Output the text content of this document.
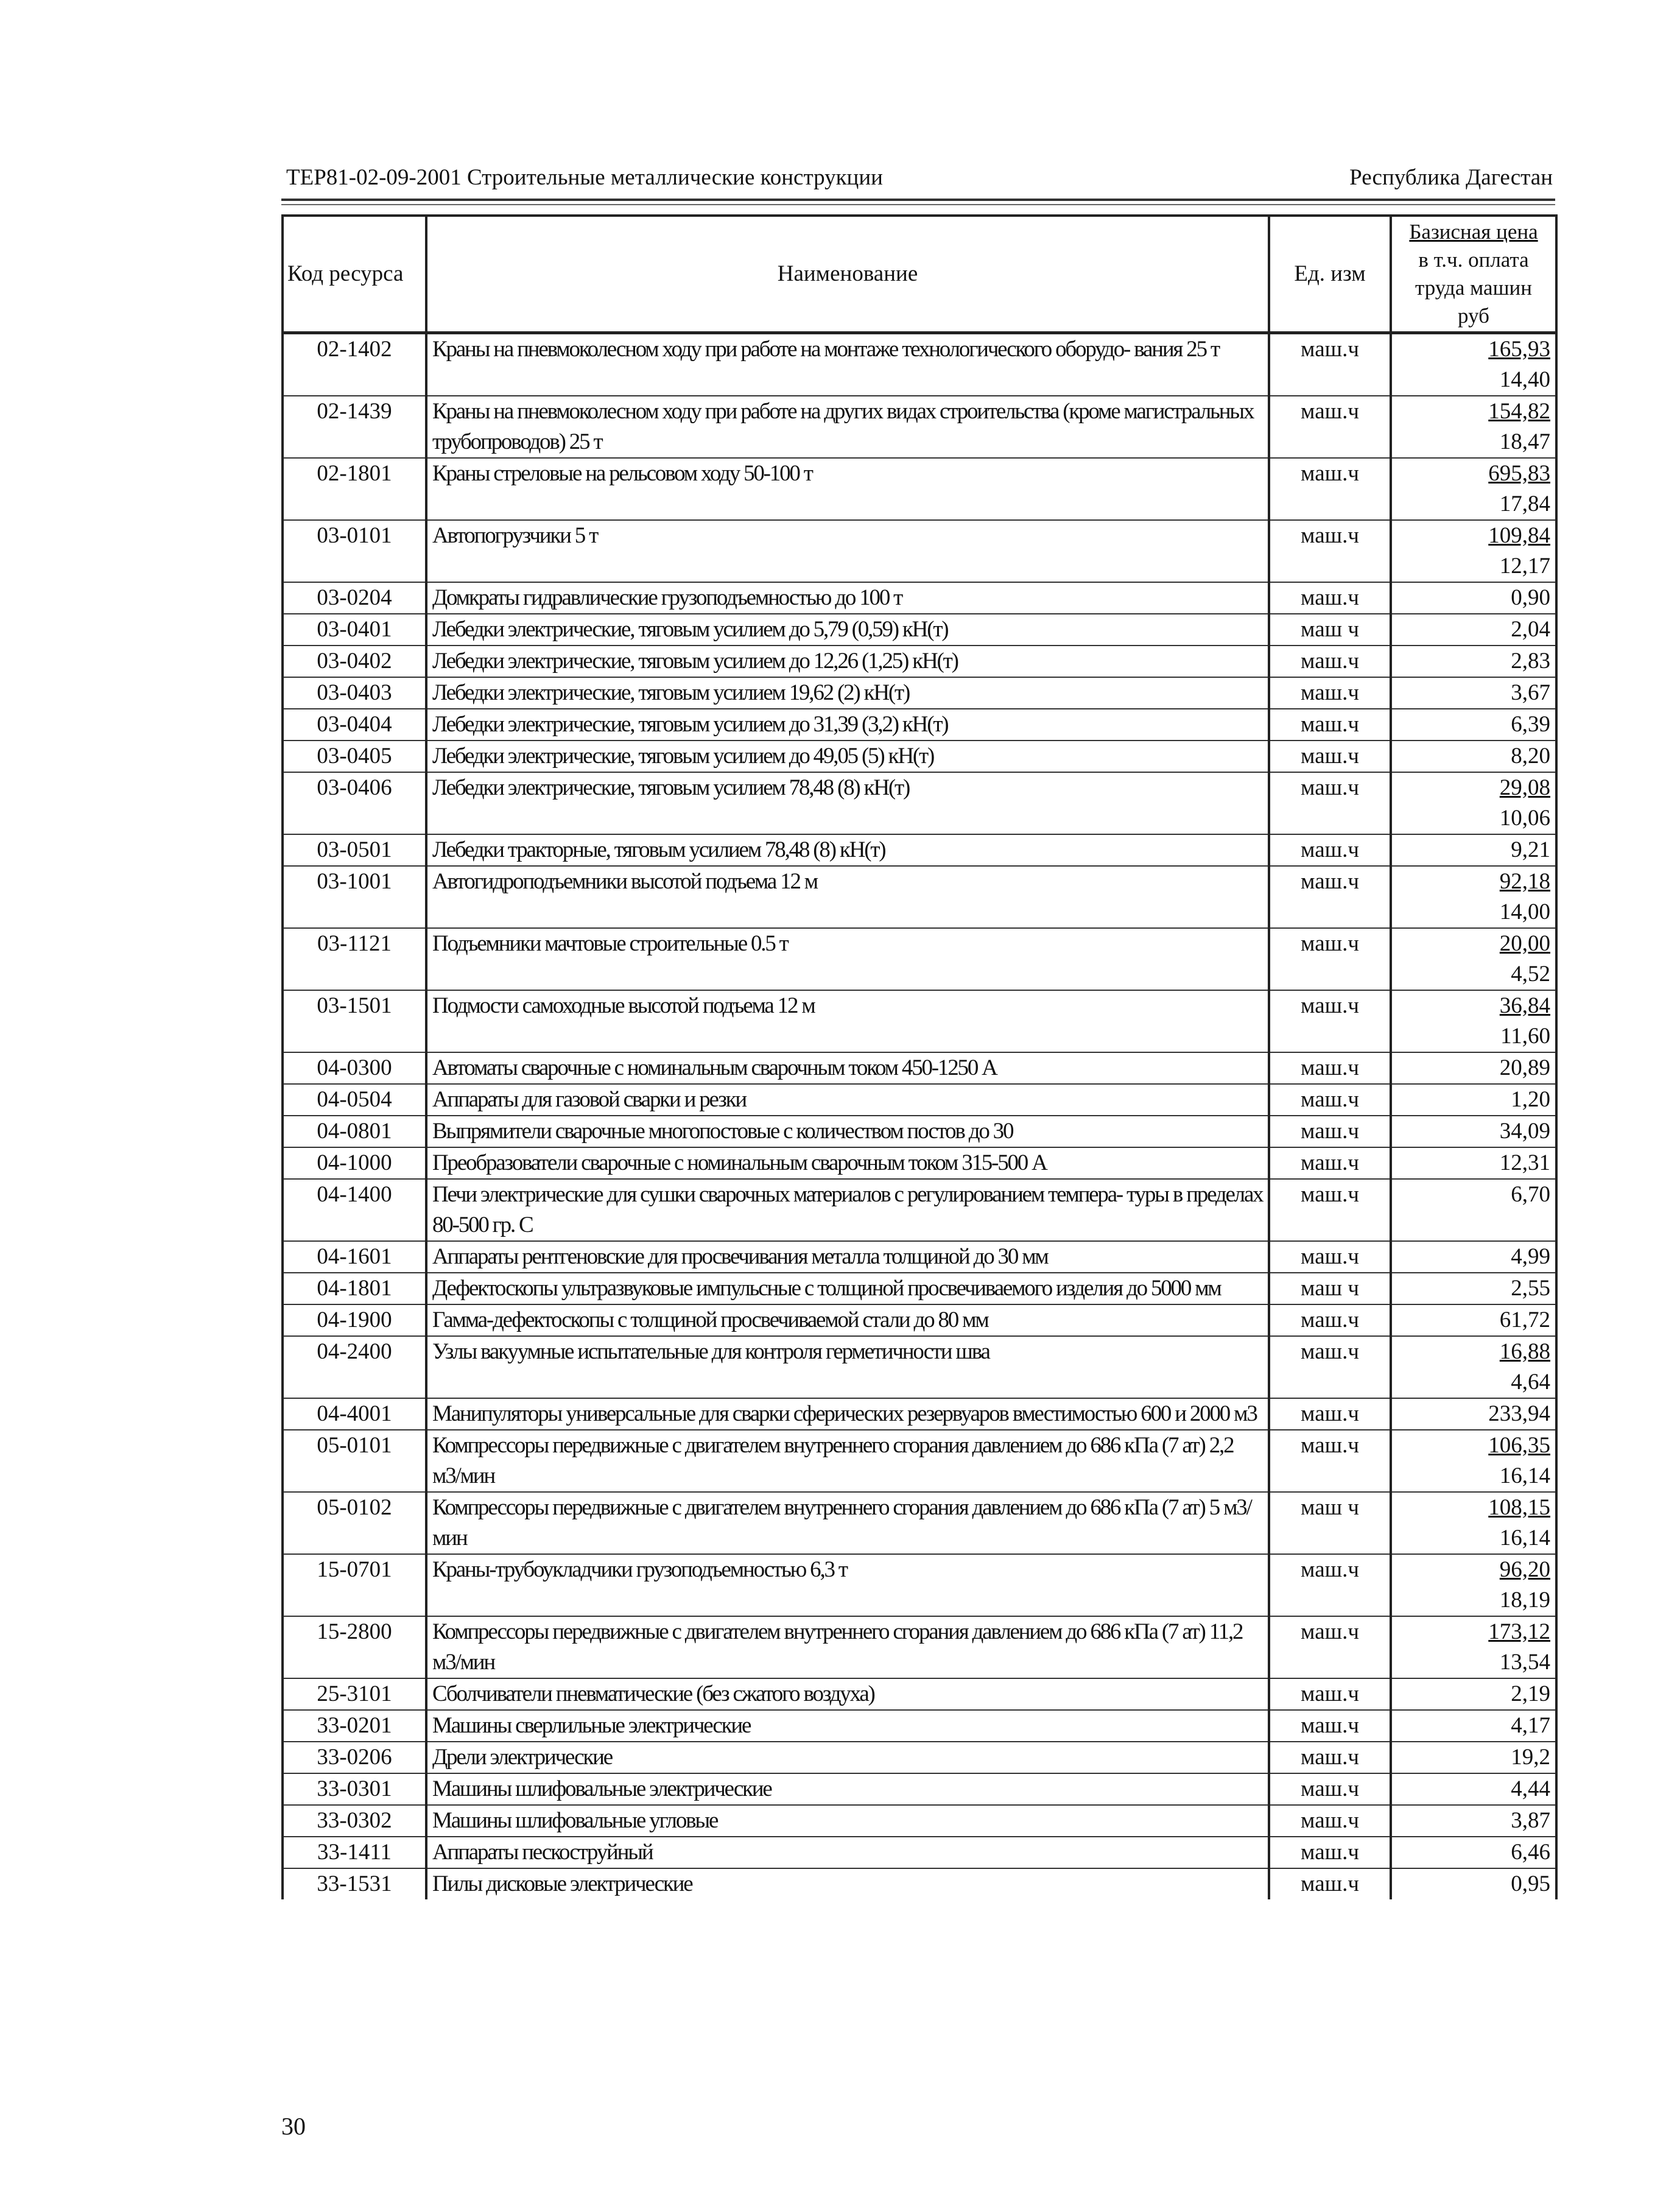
ТЕР81-02-09-2001 Строительные металлические конструкции	Республика Дагестан
Код ресурса	Наименование	Ед. изм	Базисная цена
в т.ч. оплата
труда машин
руб

02-1402	Краны на пневмоколесном ходу при работе на монтаже технологического оборудо- вания 25 т	маш.ч	165,93
14,40

02-1439	Краны на пневмоколесном ходу при работе на других видах строительства (кроме магистральных трубопроводов) 25 т	маш.ч	154,82
18,47

02-1801	Краны стреловые на рельсовом ходу 50-100 т	маш.ч	695,83
17,84

03-0101	Автопогрузчики 5 т	маш.ч	109,84
12,17

03-0204	Домкраты гидравлические грузоподъемностью до 100 т	маш.ч	0,90

03-0401	Лебедки электрические, тяговым усилием до 5,79 (0,59) кН(т)	маш ч	2,04

03-0402	Лебедки электрические, тяговым усилием до 12,26 (1,25) кН(т)	маш.ч	2,83

03-0403	Лебедки электрические, тяговым усилием 19,62 (2) кН(т)	маш.ч	3,67

03-0404	Лебедки электрические, тяговым усилием до 31,39 (3,2) кН(т)	маш.ч	6,39

03-0405	Лебедки электрические, тяговым усилием до 49,05 (5) кН(т)	маш.ч	8,20

03-0406	Лебедки электрические, тяговым усилием 78,48 (8) кН(т)	маш.ч	29,08
10,06

03-0501	Лебедки тракторные, тяговым усилием 78,48 (8) кН(т)	маш.ч	9,21

03-1001	Автогидроподъемники высотой подъема 12 м	маш.ч	92,18
14,00

03-1121	Подъемники мачтовые строительные 0.5 т	маш.ч	20,00
4,52

03-1501	Подмости самоходные высотой подъема 12 м	маш.ч	36,84
11,60

04-0300	Автоматы сварочные с номинальным сварочным током 450-1250 А	маш.ч	20,89

04-0504	Аппараты для газовой сварки и резки	маш.ч	1,20

04-0801	Выпрямители сварочные многопостовые с количеством постов до 30	маш.ч	34,09

04-1000	Преобразователи сварочные с номинальным сварочным током 315-500 А	маш.ч	12,31

04-1400	Печи электрические для сушки сварочных материалов с регулированием темпера- туры в пределах 80-500 гр. С	маш.ч	6,70

04-1601	Аппараты рентгеновские для просвечивания металла толщиной до 30 мм	маш.ч	4,99

04-1801	Дефектоскопы ультразвуковые импульсные с толщиной просвечиваемого изделия до 5000 мм	маш ч	2,55

04-1900	Гамма-дефектоскопы с толщиной просвечиваемой стали до 80 мм	маш.ч	61,72

04-2400	Узлы вакуумные испытательные для контроля герметичности шва	маш.ч	16,88
4,64

04-4001	Манипуляторы универсальные для сварки сферических резервуаров вместимостью 600 и 2000 м3	маш.ч	233,94

05-0101	Компрессоры передвижные с двигателем внутреннего сгорания давлением до 686 кПа (7 ат) 2,2 м3/мин	маш.ч	106,35
16,14

05-0102	Компрессоры передвижные с двигателем внутреннего сгорания давлением до 686 кПа (7 ат) 5 м3/мин	маш ч	108,15
16,14

15-0701	Краны-трубоукладчики грузоподъемностью 6,3 т	маш.ч	96,20
18,19

15-2800	Компрессоры передвижные с двигателем внутреннего сгорания давлением до 686 кПа (7 ат) 11,2 м3/мин	маш.ч	173,12
13,54

25-3101	Сболчиватели пневматические (без сжатого воздуха)	маш.ч	2,19

33-0201	Машины сверлильные электрические	маш.ч	4,17

33-0206	Дрели электрические	маш.ч	19,2

33-0301	Машины шлифовальные электрические	маш.ч	4,44

33-0302	Машины шлифовальные угловые	маш.ч	3,87

33-1411	Аппараты пескоструйный	маш.ч	6,46

33-1531	Пилы дисковые электрические	маш.ч	0,95
30
